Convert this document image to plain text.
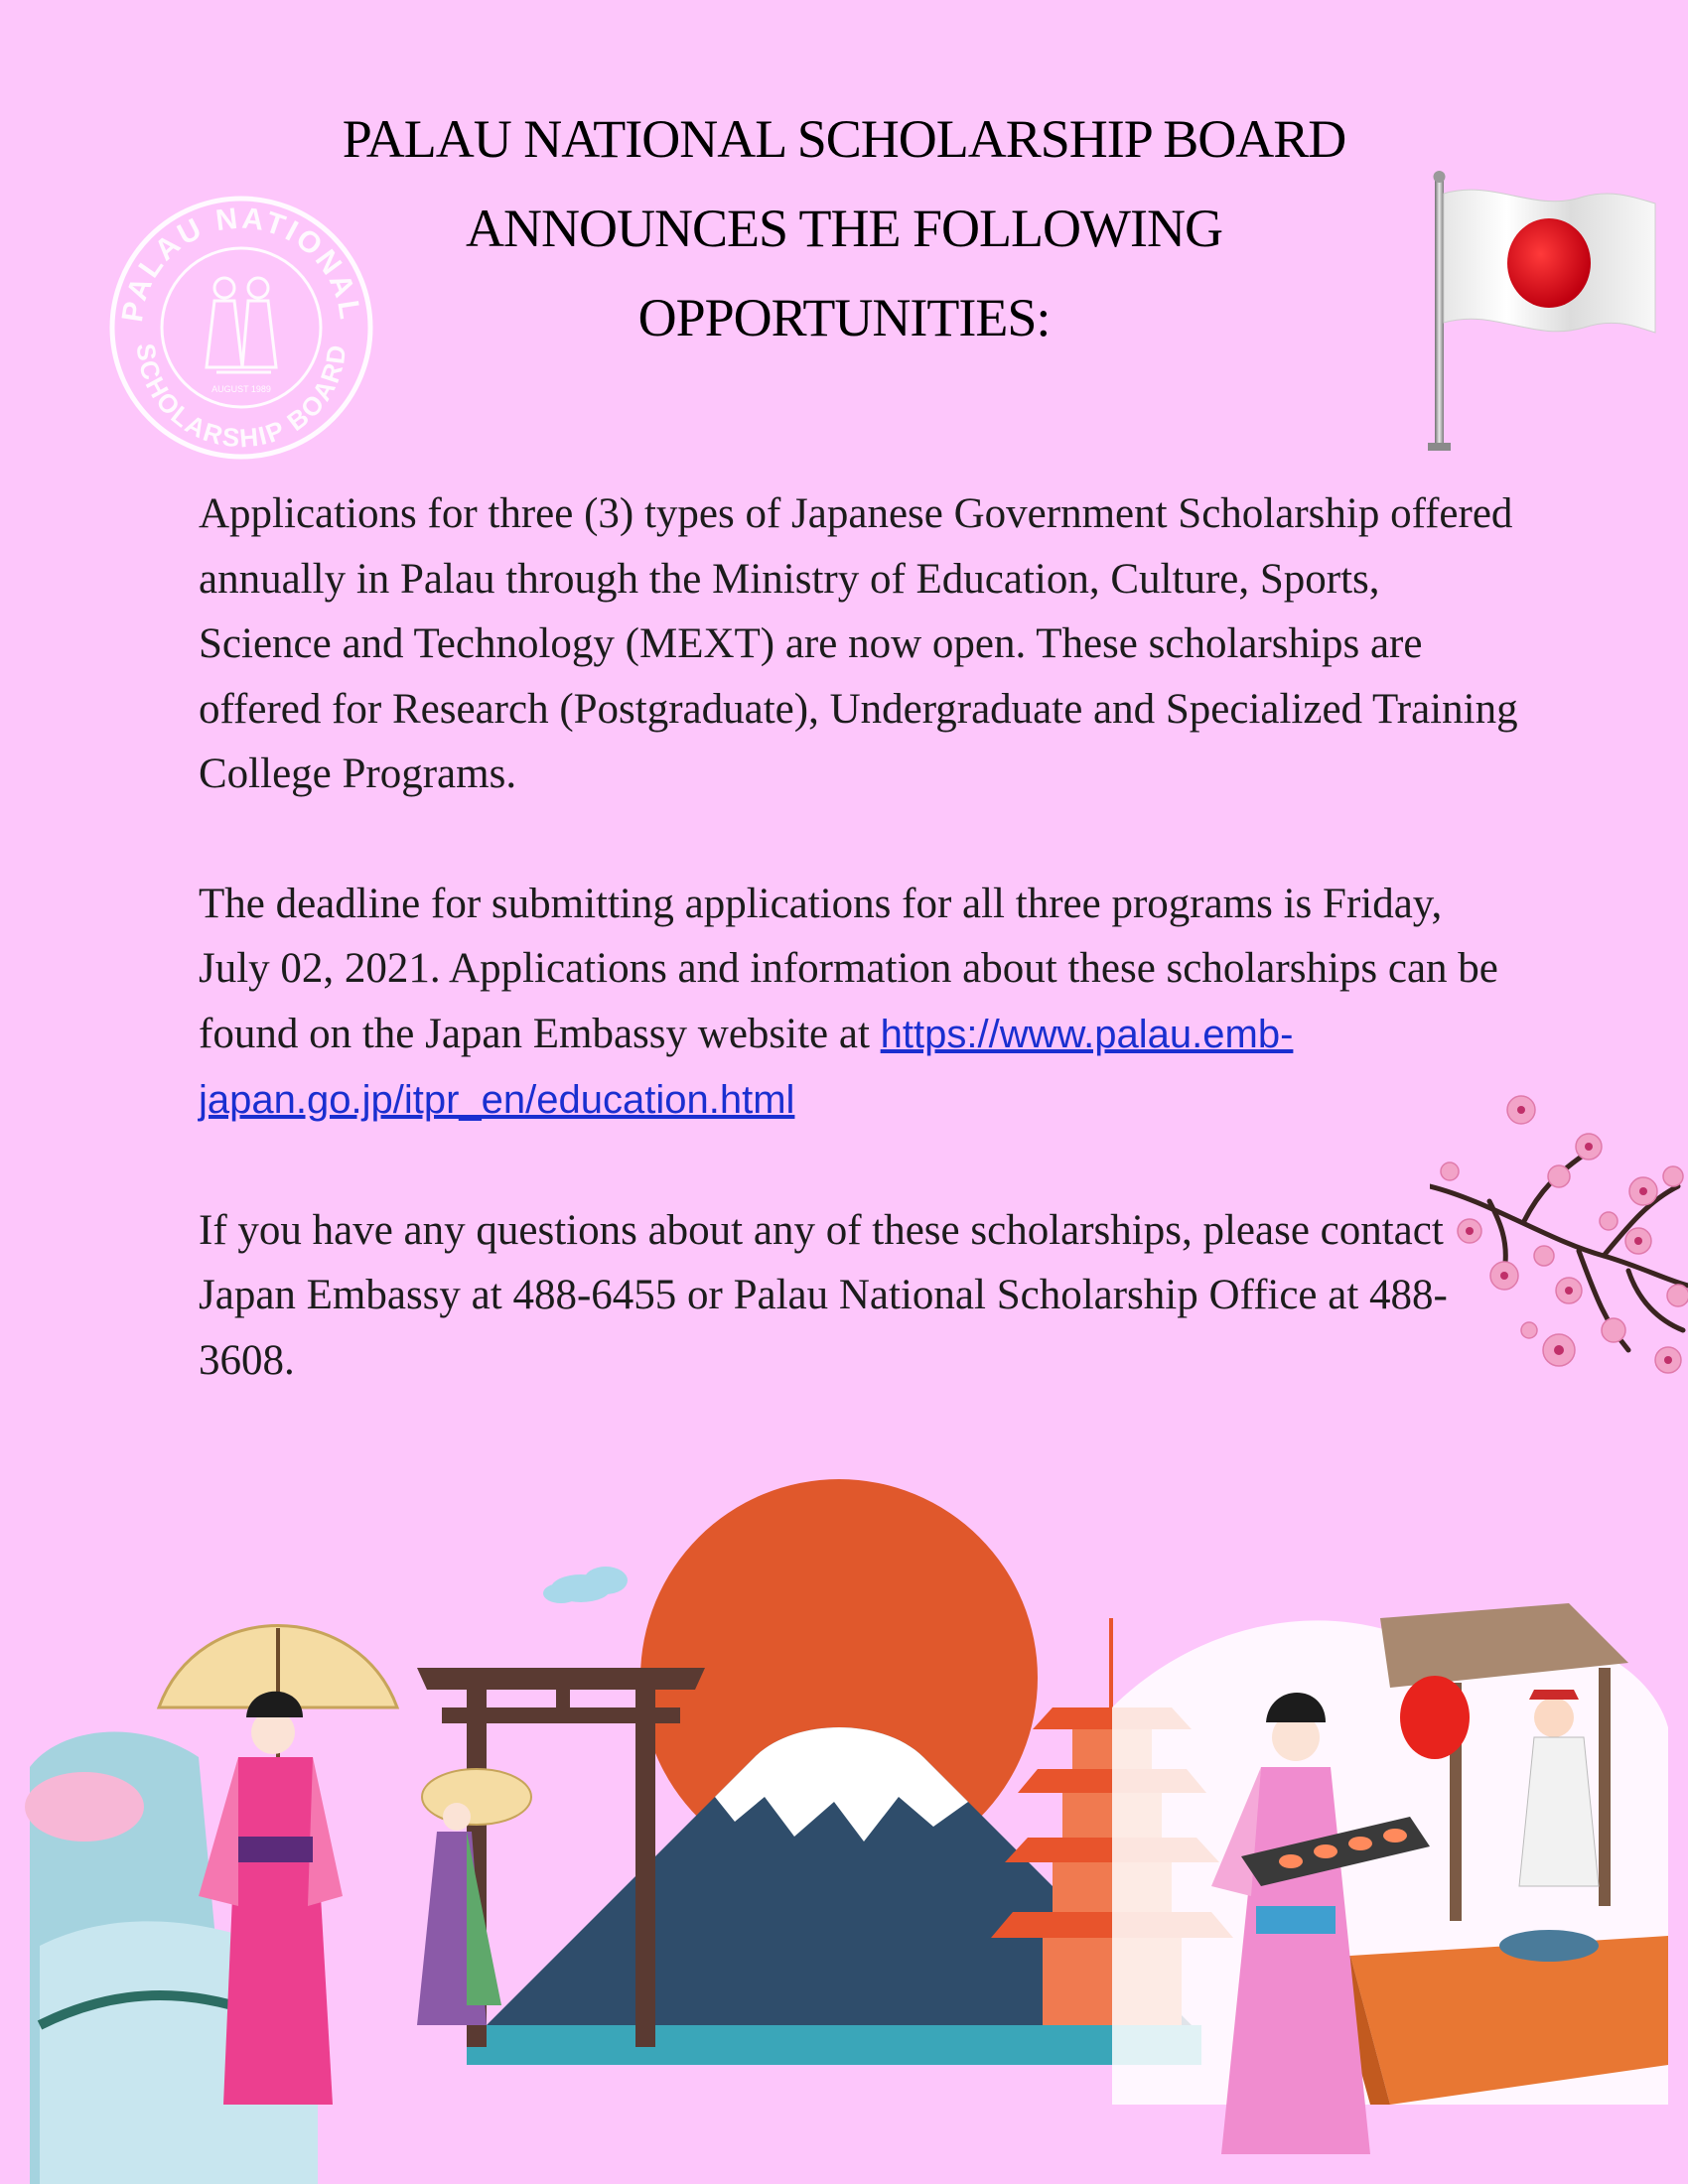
PALAU NATIONAL SCHOLARSHIP BOARD
ANNOUNCES THE FOLLOWING
OPPORTUNITIES:
PALAU NATIONAL
SCHOLARSHIP BOARD
AUGUST 1989

Applications for three (3) types of Japanese Government Scholarship offered annually in Palau through the Ministry of Education, Culture, Sports, Science and Technology (MEXT) are now open. These scholarships are offered for Research (Postgraduate), Undergraduate and Specialized Training College Programs.

The deadline for submitting applications for all three programs is Friday, July 02, 2021. Applications and information about these scholarships can be found on the Japan Embassy website at https://www.palau.emb-japan.go.jp/itpr_en/education.html

If you have any questions about any of these scholarships, please contact Japan Embassy at 488-6455 or Palau National Scholarship Office at 488-3608.
